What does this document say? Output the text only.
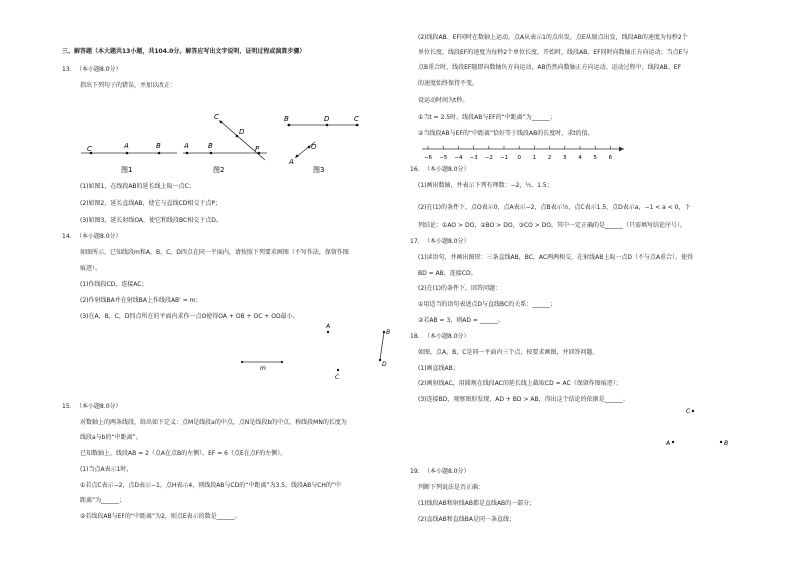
三、解答题（本大题共13小题，共104.0分。解答应写出文字说明，证明过程或演算步骤）

13. （本小题8.0分）

指出下列句子的错误，并加以改正：

C	A	B
图1
A	B
C
D
P
图2
B	D	C
A
O
图3

(1)如图1，在线段AB的延长线上取一点C；

(2)如图2，延长直线AB，使它与直线CD相交于点P；

(3)如图3，延长射线OA，使它和线段BC相交于点D。

14. （本小题8.0分）

如图所示，已知线段m和A，B，C，D四点在同一平面内，请按照下列要求画图（不写作法，保留作图

痕迹）。

(1)作线段CD，连接AC；

(2)作射线BA并在射线BA上作线段AB' = m；

(3)在A，B，C，D四点所在的平面内求作一点O使得OA + OB + OC + OD最小。

m
A
B
C
D
15. （本小题8.0分）

对数轴上的两条线段，给出如下定义：点M是线段a的中点，点N是线段b的中点，称线段MN的长度为

线段a与b的“中距离”。

已知数轴上，线段AB = 2（点A在点B的左侧），EF = 6（点E在点F的左侧）。

(1)当点A表示1时，

①若点C表示−2，点D表示−1，点H表示4，则线段AB与CD的“中距离”为3.5，线段AB与CH的“中

距离”为______；

②若线段AB与EF的“中距离”为2，则点E表示的数是______。

(2)线段AB、EF同时在数轴上运动，点A从表示1的点出发，点E从原点出发，线段AB的速度为每秒2个

单位长度，线段EF的速度为每秒2个单位长度，开始时，线段AB、EF同时向数轴正方向运动；当点E与

点B重合时，线段EF随即向数轴负方向运动，AB仍然向数轴正方向运动。运动过程中，线段AB、EF

的速度始终保持不变。

设运动时间为t秒。

①当t = 2.5时，线段AB与EF的“中距离”为______；

②当线段AB与EF的“中距离”恰好等于线段AB的长度时，求t的值。

−6 −5 −4 −3 −2 −1 0 1 2 3 4 5 6
16. （本小题8.0分）

(1)画出数轴，并表示下列有理数：−2，½，1.5；

(2)在(1)的条件下，点O表示0，点A表示−2，点B表示½，点C表示1.5，点D表示a，−1 < a < 0，下

列结论：①AO > DO，②BO > DO，③CO > DO，其中一定正确的是______（只需填写结论序号）。

17. （本小题8.0分）

(1)读语句，并画出图形：三条直线AB，BC，AC两两相交，在射线AB上取一点D（不与点A重合），使得

BD = AB，连接CD。

(2)在(1)的条件下，回答问题：

①用适当的语句表述点D与直线BC的关系：______；

②若AB = 3，则AD = ______。

18. （本小题8.0分）

如图，点A，B，C是同一平面内三个点，按要求画图，并回答问题。

(1)画直线AB；

(2)画射线AC，用圆规在线段AC的延长线上截取CD = AC（保留作图痕迹）；

(3)连接BD，观察图形发现，AD + BD > AB，得出这个结论的依据是______。

C
A	B
19. （本小题8.0分）

判断下列说法是否正确：

(1)线段AB和射线AB都是直线AB的一部分；

(2)直线AB和直线BA是同一条直线；
